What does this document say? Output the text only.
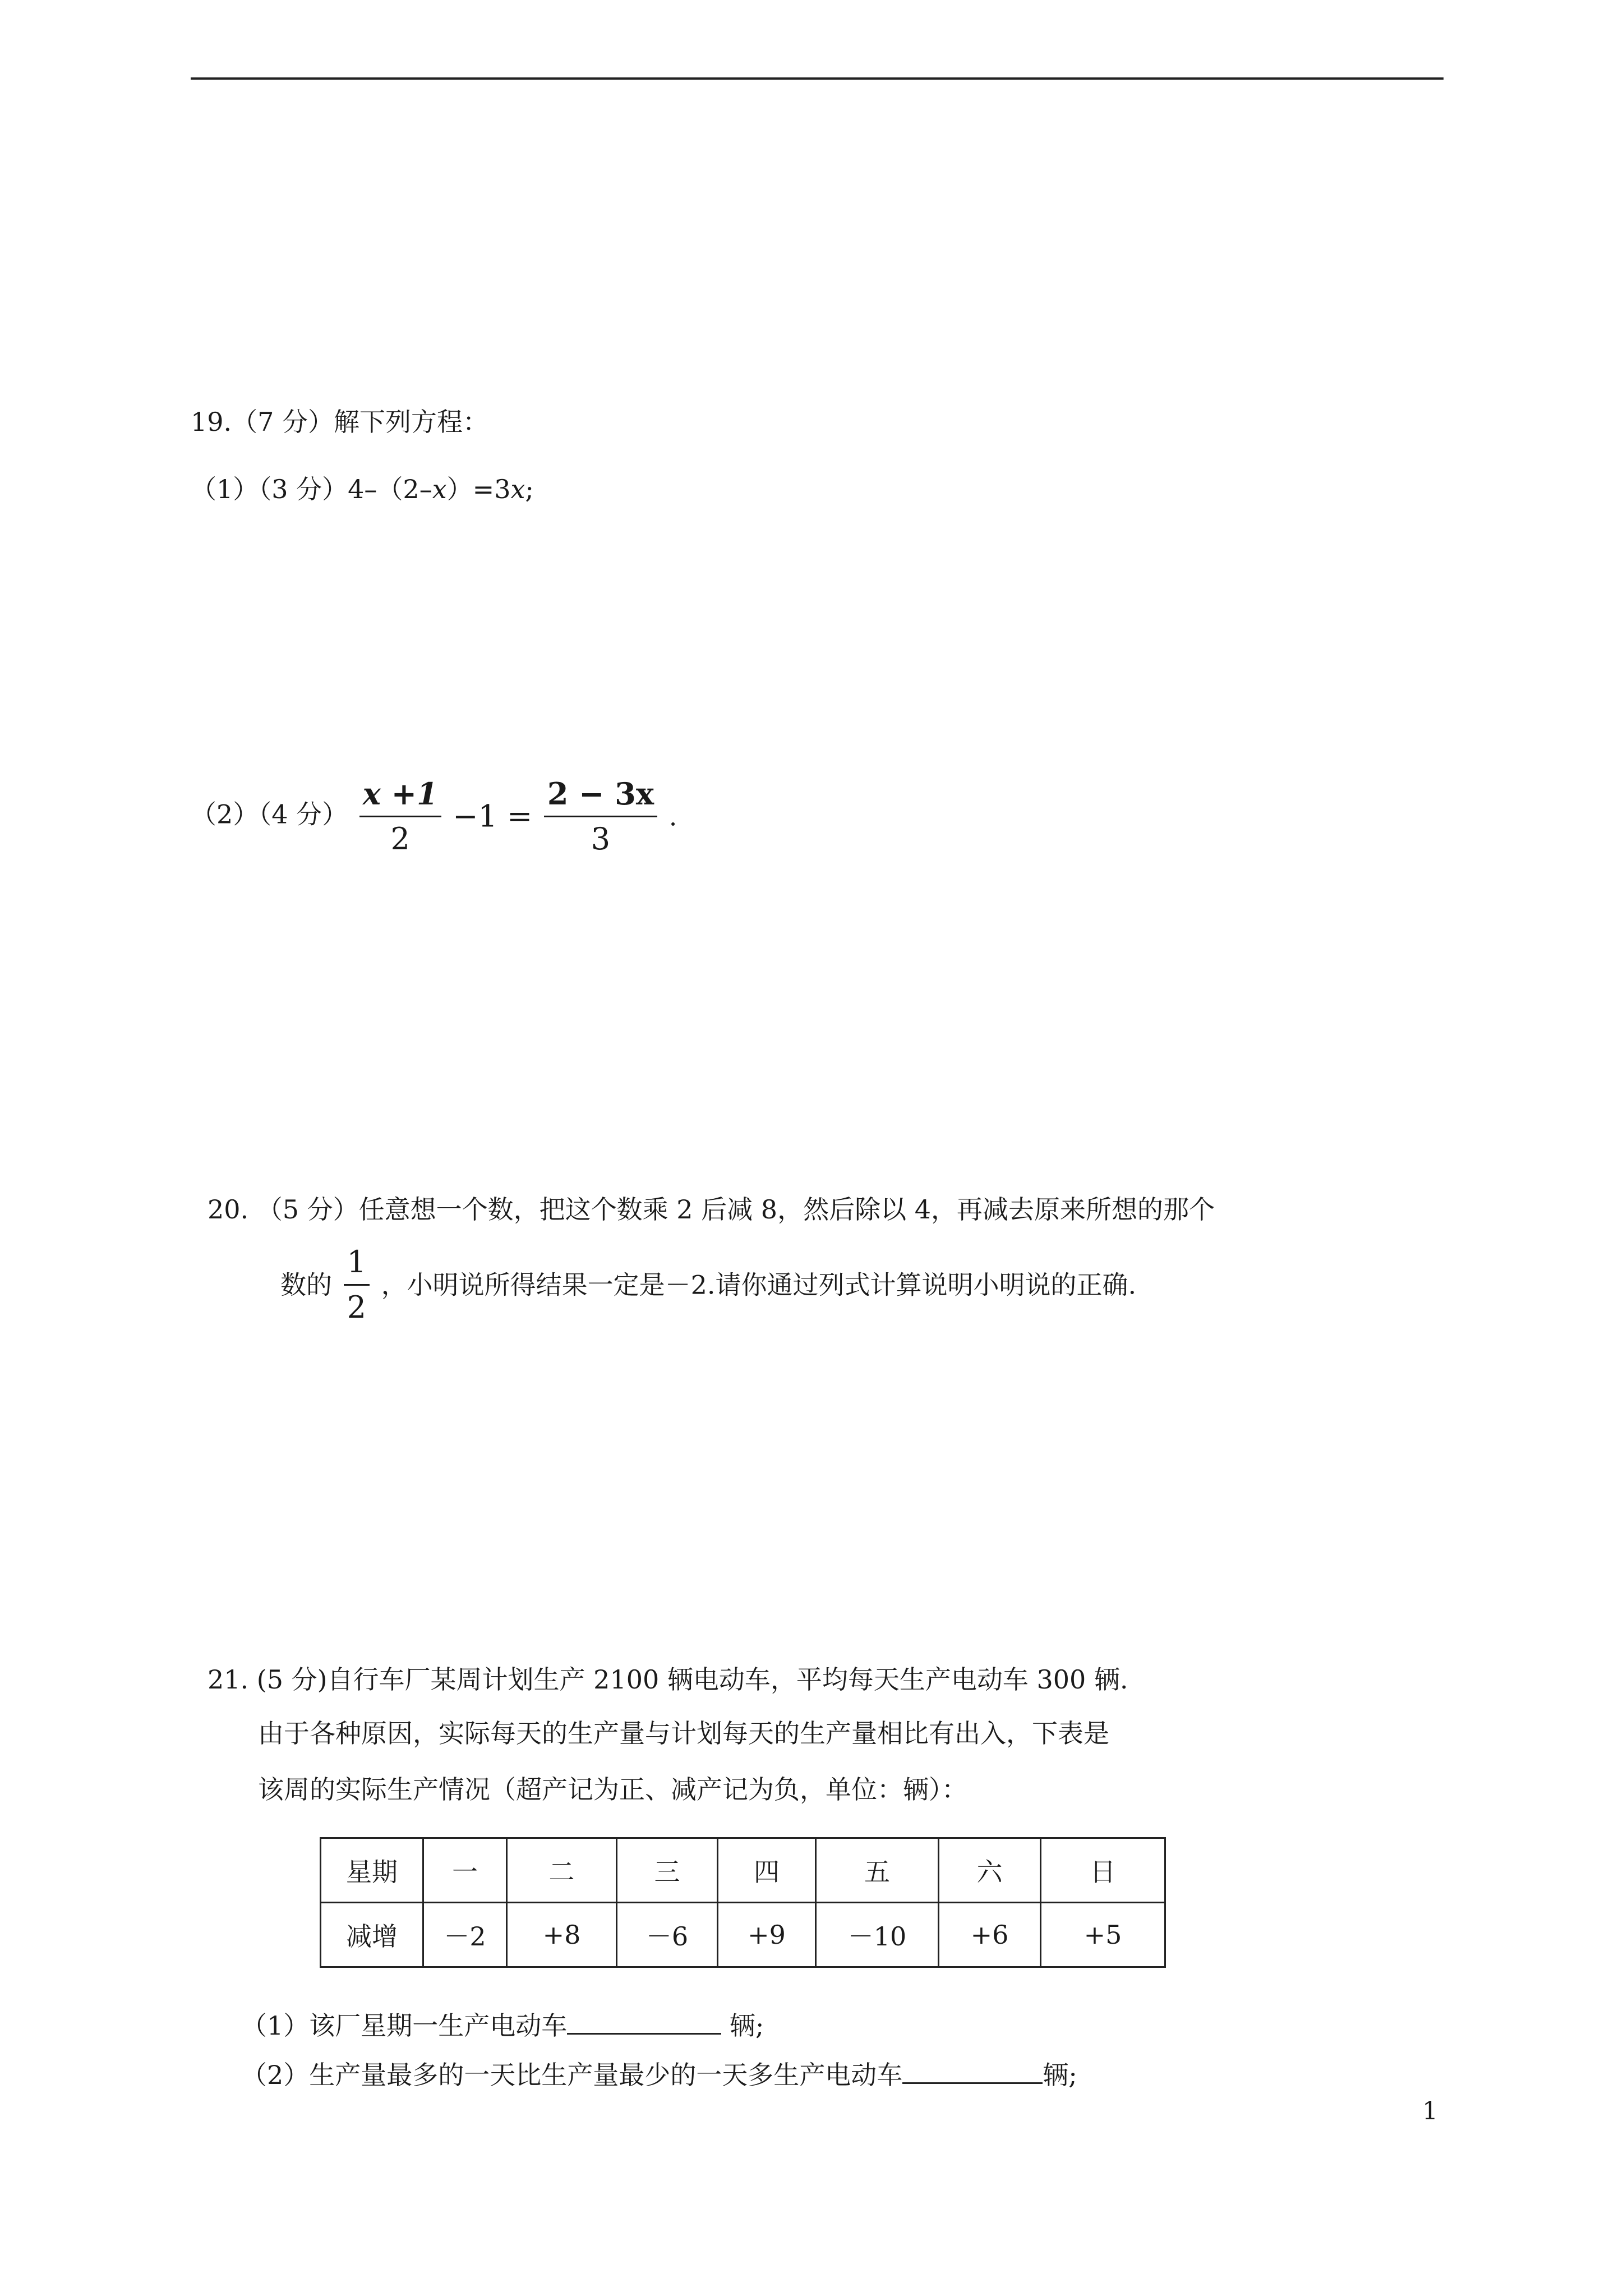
19.（7 分）解下列方程：
（1）（3 分）4–（2–x）=3x;
（2）（4 分） $\frac{x +1}{2} -1 = \frac{2 - 3x}{3}$ .
20. （5 分）任意想一个数，把这个数乘 2 后减 8，然后除以 4，再减去原来所想的那个
数的 $\frac{1}{2}$ ，小明说所得结果一定是－2.请你通过列式计算说明小明说的正确.
21. (5 分)自行车厂某周计划生产 2100 辆电动车，平均每天生产电动车 300 辆.
由于各种原因，实际每天的生产量与计划每天的生产量相比有出入，下表是
该周的实际生产情况（超产记为正、减产记为负，单位：辆）：
星期	一	二	三	四	五	六	日
减增	－2	+8	－6	+9	－10	+6	+5
（1）该厂星期一生产电动车	辆;
（2）生产量最多的一天比生产量最少的一天多生产电动车	辆;
1
